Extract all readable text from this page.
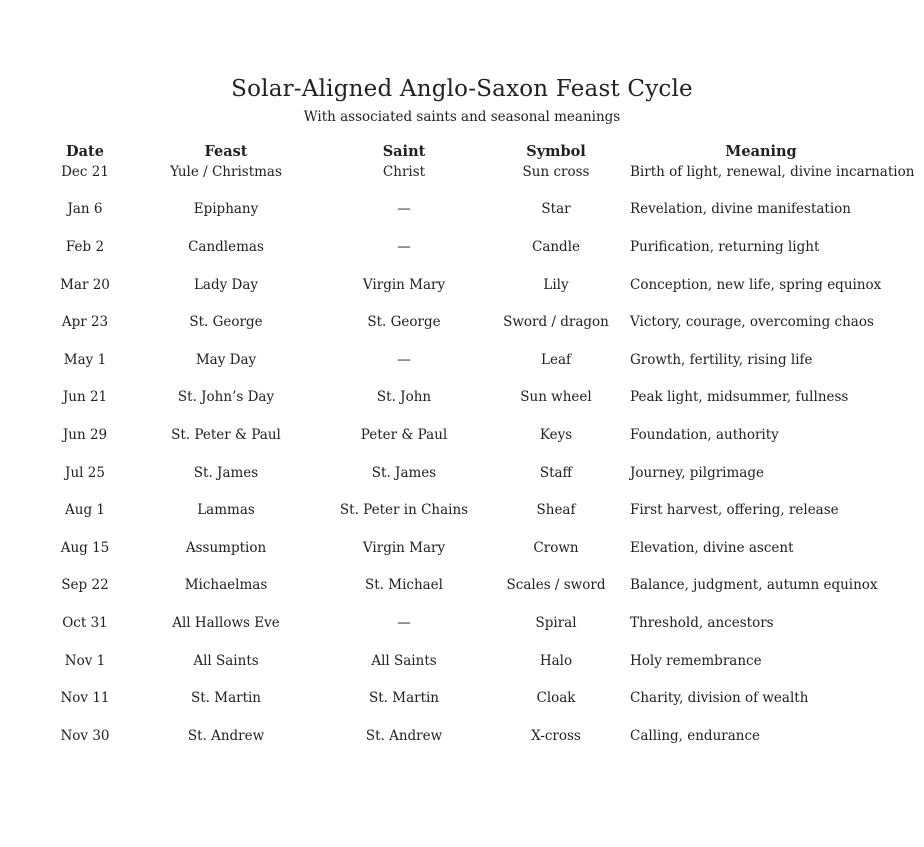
Solar-Aligned Anglo-Saxon Feast Cycle
With associated saints and seasonal meanings
Date	Feast	Saint	Symbol	Meaning
Dec 21	Yule / Christmas	Christ	Sun cross	Birth of light, renewal, divine incarnation
Jan 6	Epiphany	—	Star	Revelation, divine manifestation
Feb 2	Candlemas	—	Candle	Purification, returning light
Mar 20	Lady Day	Virgin Mary	Lily	Conception, new life, spring equinox
Apr 23	St. George	St. George	Sword / dragon	Victory, courage, overcoming chaos
May 1	May Day	—	Leaf	Growth, fertility, rising life
Jun 21	St. John’s Day	St. John	Sun wheel	Peak light, midsummer, fullness
Jun 29	St. Peter & Paul	Peter & Paul	Keys	Foundation, authority
Jul 25	St. James	St. James	Staff	Journey, pilgrimage
Aug 1	Lammas	St. Peter in Chains	Sheaf	First harvest, offering, release
Aug 15	Assumption	Virgin Mary	Crown	Elevation, divine ascent
Sep 22	Michaelmas	St. Michael	Scales / sword	Balance, judgment, autumn equinox
Oct 31	All Hallows Eve	—	Spiral	Threshold, ancestors
Nov 1	All Saints	All Saints	Halo	Holy remembrance
Nov 11	St. Martin	St. Martin	Cloak	Charity, division of wealth
Nov 30	St. Andrew	St. Andrew	X-cross	Calling, endurance
